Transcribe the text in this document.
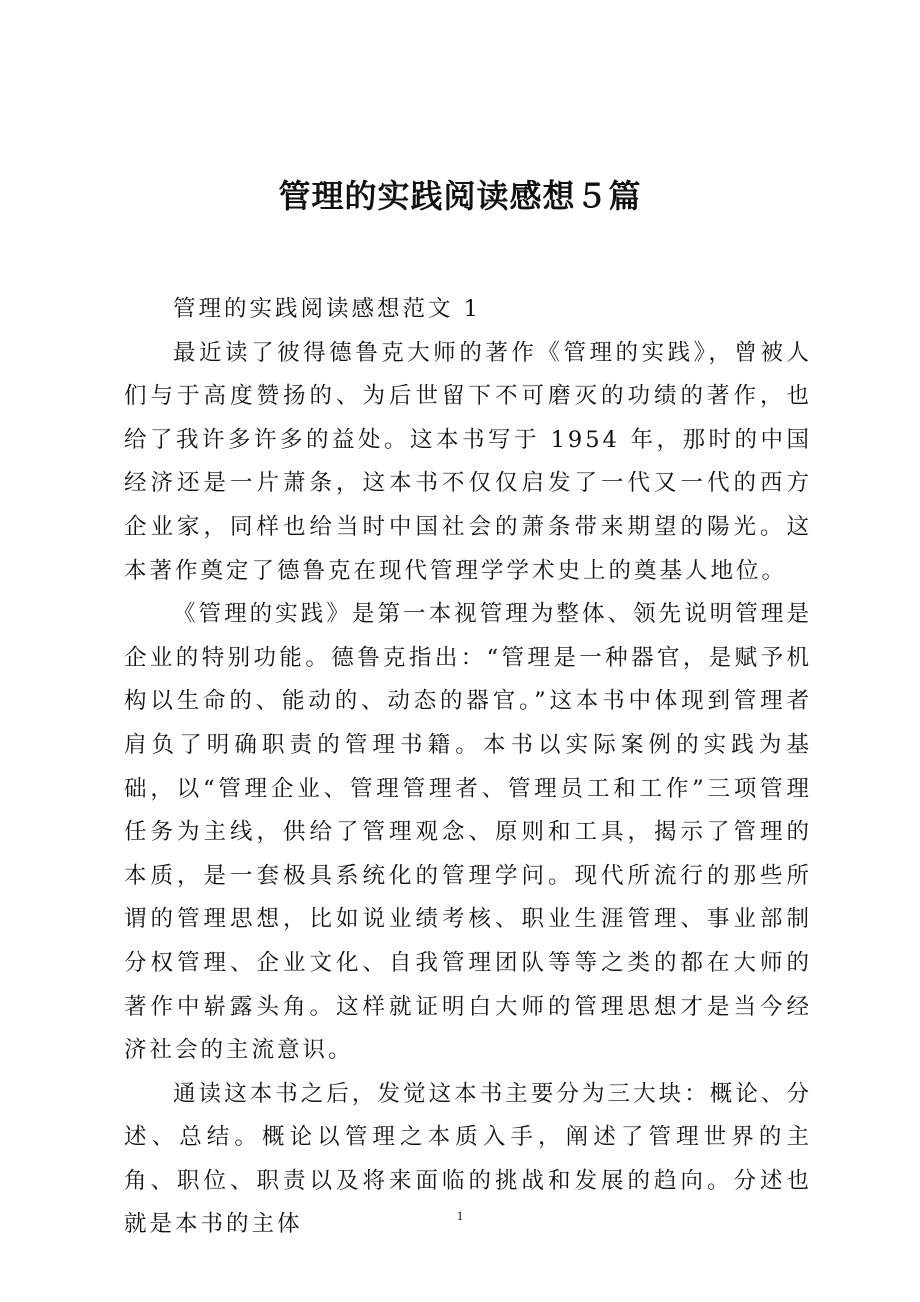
管理的实践阅读感想５篇

管理的实践阅读感想范文 1

最近读了彼得德鲁克大师的著作《管理的实践》，曾被人们与于高度赞扬的、为后世留下不可磨灭的功绩的著作，也给了我许多许多的益处。这本书写于 1954 年，那时的中国经济还是一片萧条，这本书不仅仅启发了一代又一代的西方企业家，同样也给当时中国社会的萧条带来期望的陽光。这本著作奠定了德鲁克在现代管理学学术史上的奠基人地位。

《管理的实践》是第一本视管理为整体、领先说明管理是企业的特别功能。德鲁克指出：“管理是一种器官，是赋予机构以生命的、能动的、动态的器官。”这本书中体现到管理者肩负了明确职责的管理书籍。本书以实际案例的实践为基础，以“管理企业、管理管理者、管理员工和工作”三项管理任务为主线，供给了管理观念、原则和工具，揭示了管理的本质，是一套极具系统化的管理学问。现代所流行的那些所谓的管理思想，比如说业绩考核、职业生涯管理、事业部制分权管理、企业文化、自我管理团队等等之类的都在大师的著作中崭露头角。这样就证明白大师的管理思想才是当今经济社会的主流意识。

通读这本书之后，发觉这本书主要分为三大块：概论、分述、总结。概论以管理之本质入手，阐述了管理世界的主角、职位、职责以及将来面临的挑战和发展的趋向。分述也就是本书的主体	1
